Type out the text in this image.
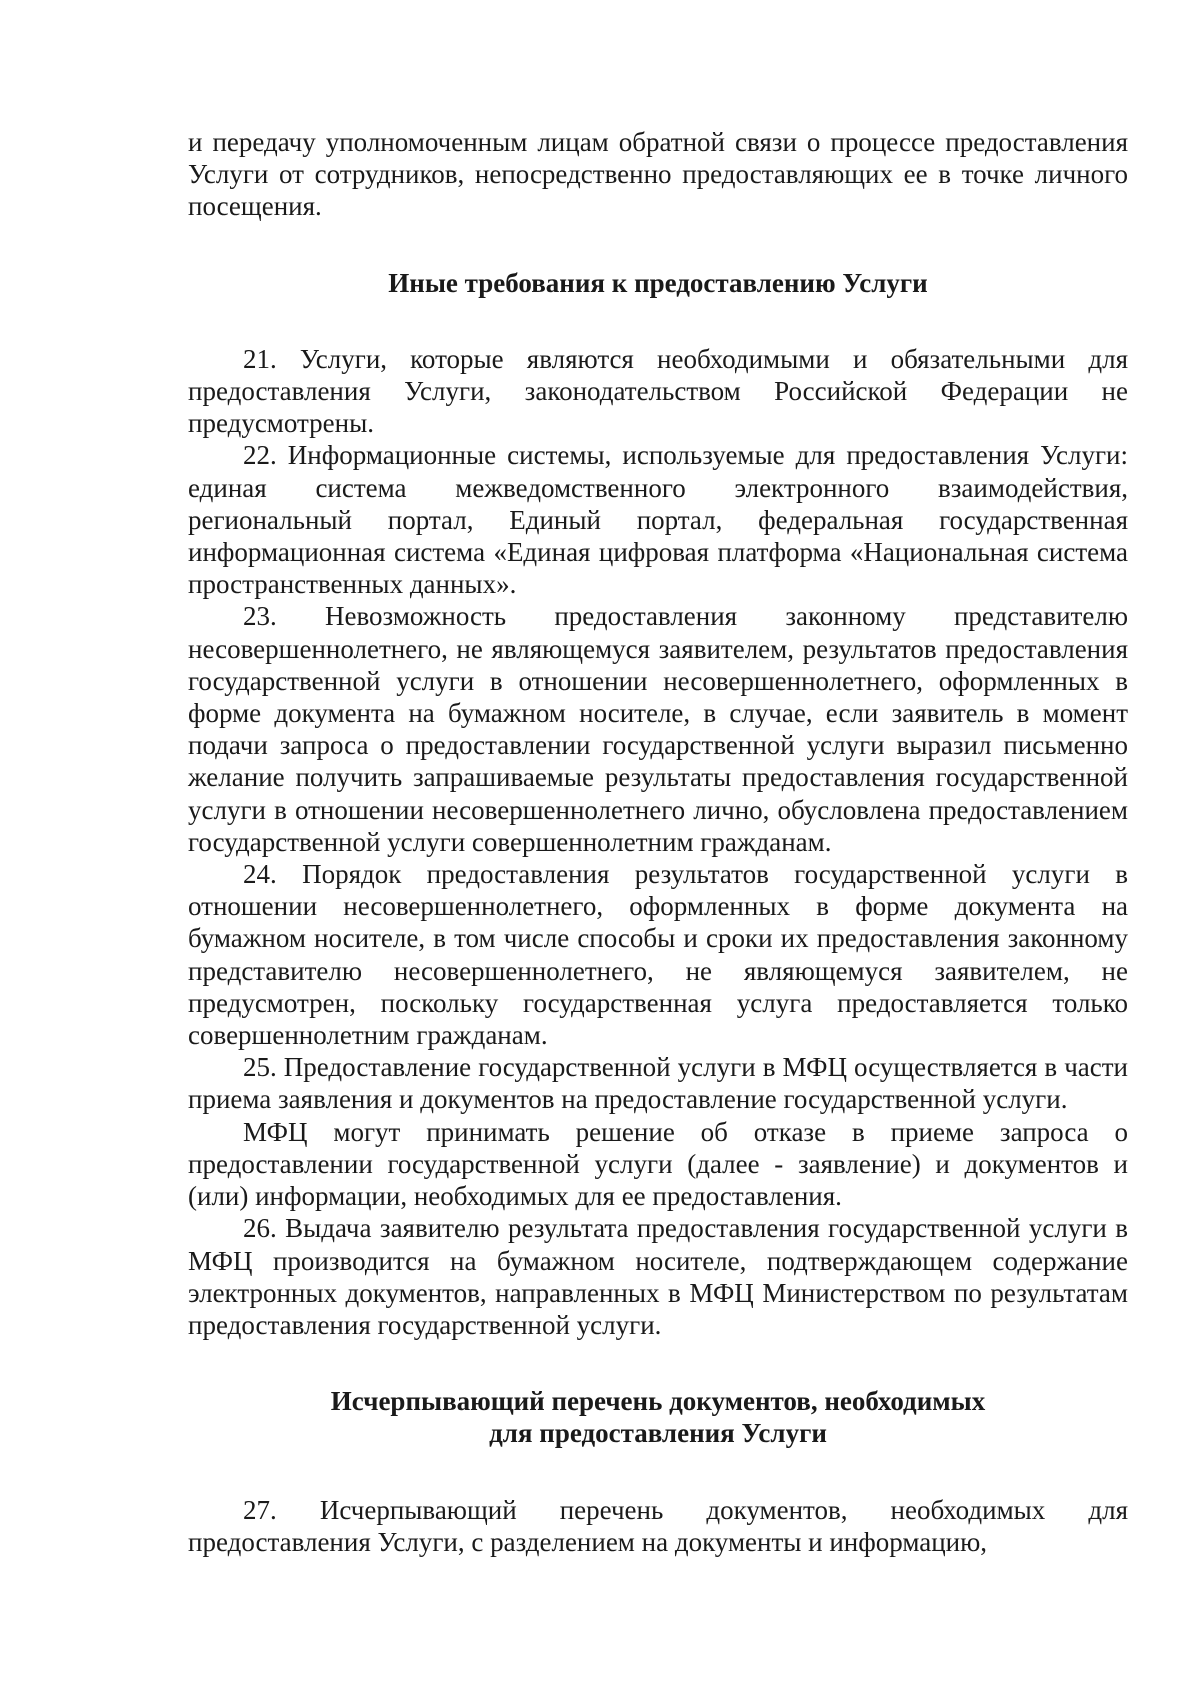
и передачу уполномоченным лицам обратной связи о процессе предоставления Услуги от сотрудников, непосредственно предоставляющих ее в точке личного посещения.

Иные требования к предоставлению Услуги

21. Услуги, которые являются необходимыми и обязательными для предоставления Услуги, законодательством Российской Федерации не предусмотрены.

22. Информационные системы, используемые для предоставления Услуги: единая система межведомственного электронного взаимодействия, региональный портал, Единый портал, федеральная государственная информационная система «Единая цифровая платформа «Национальная система пространственных данных».

23. Невозможность предоставления законному представителю несовершеннолетнего, не являющемуся заявителем, результатов предоставления государственной услуги в отношении несовершеннолетнего, оформленных в форме документа на бумажном носителе, в случае, если заявитель в момент подачи запроса о предоставлении государственной услуги выразил письменно желание получить запрашиваемые результаты предоставления государственной услуги в отношении несовершеннолетнего лично, обусловлена предоставлением государственной услуги совершеннолетним гражданам.

24. Порядок предоставления результатов государственной услуги в отношении несовершеннолетнего, оформленных в форме документа на бумажном носителе, в том числе способы и сроки их предоставления законному представителю несовершеннолетнего, не являющемуся заявителем, не предусмотрен, поскольку государственная услуга предоставляется только совершеннолетним гражданам.

25. Предоставление государственной услуги в МФЦ осуществляется в части приема заявления и документов на предоставление государственной услуги.

МФЦ могут принимать решение об отказе в приеме запроса о предоставлении государственной услуги (далее - заявление) и документов и (или) информации, необходимых для ее предоставления.

26. Выдача заявителю результата предоставления государственной услуги в МФЦ производится на бумажном носителе, подтверждающем содержание электронных документов, направленных в МФЦ Министерством по результатам предоставления государственной услуги.

Исчерпывающий перечень документов, необходимых
для предоставления Услуги

27. Исчерпывающий перечень документов, необходимых для предоставления Услуги, с разделением на документы и информацию,
